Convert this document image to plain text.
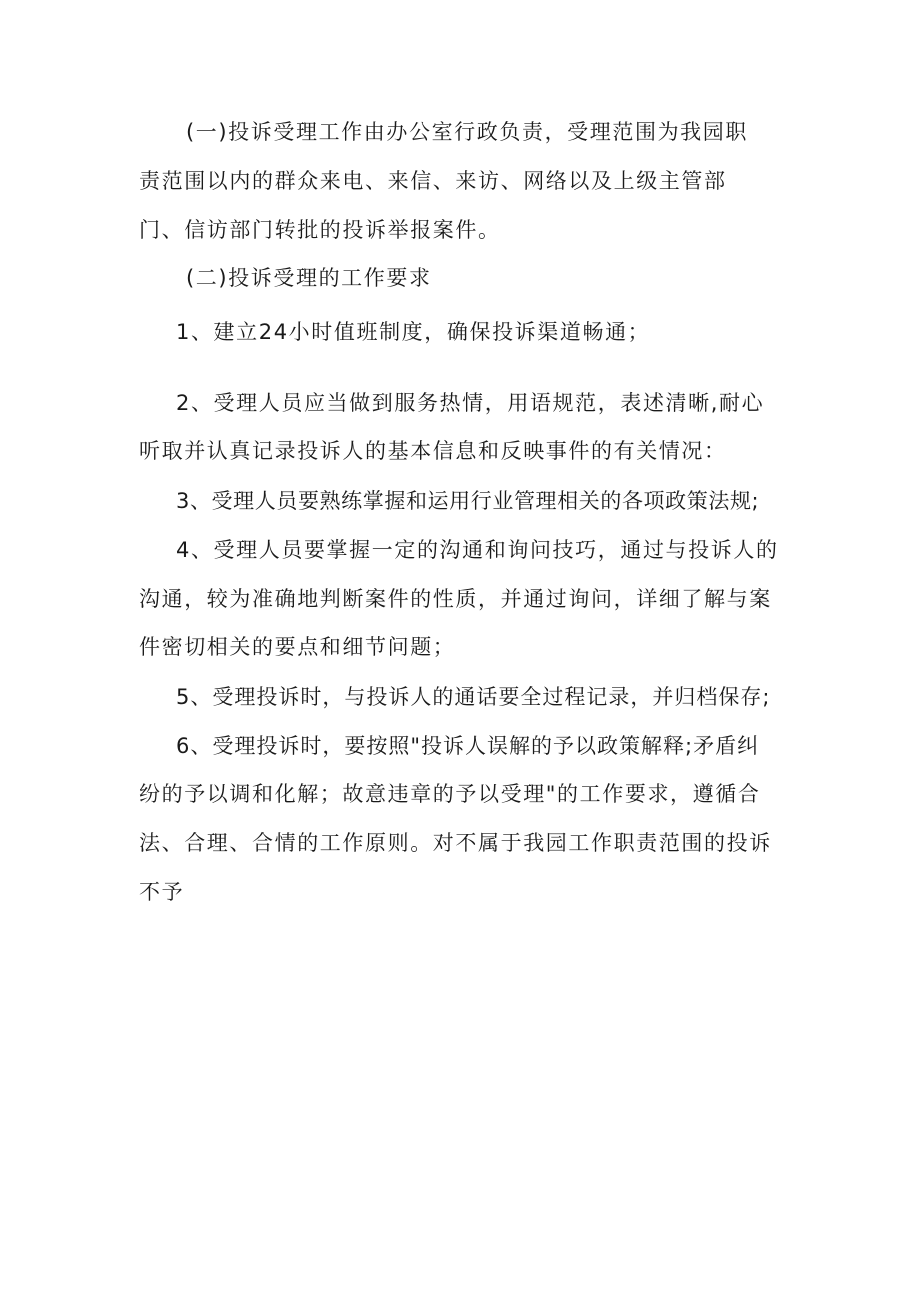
(一)投诉受理工作由办公室行政负责，受理范围为我园职
责范围以内的群众来电、来信、来访、网络以及上级主管部
门、信访部门转批的投诉举报案件。
(二)投诉受理的工作要求
1、建立24小时值班制度，确保投诉渠道畅通；
2、受理人员应当做到服务热情，用语规范，表述清晰,耐心
听取并认真记录投诉人的基本信息和反映事件的有关情况：
3、受理人员要熟练掌握和运用行业管理相关的各项政策法规;
4、受理人员要掌握一定的沟通和询问技巧，通过与投诉人的
沟通，较为准确地判断案件的性质，并通过询问，详细了解与案
件密切相关的要点和细节问题；
5、受理投诉时，与投诉人的通话要全过程记录，并归档保存;
6、受理投诉时，要按照"投诉人误解的予以政策解释;矛盾纠
纷的予以调和化解；故意违章的予以受理"的工作要求，遵循合
法、合理、合情的工作原则。对不属于我园工作职责范围的投诉
不予
